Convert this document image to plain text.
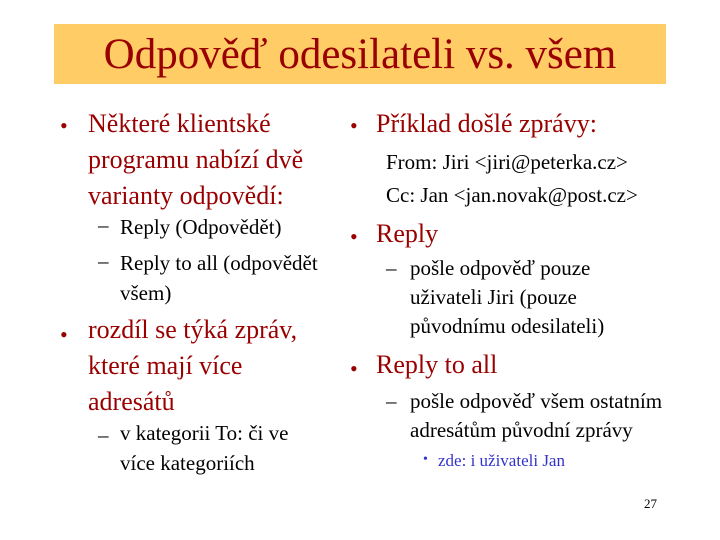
Odpověď odesilateli vs. všem
• Některé klientské
programu nabízí dvě
varianty odpovědí:
– Reply (Odpovědět)
– Reply to all (odpovědět
všem)
• rozdíl se týká zpráv,
které mají více
adresátů
– v kategorii To: či ve
více kategoriích
• Příklad došlé zprávy:
From: Jiri <jiri@peterka.cz>
Cc: Jan <jan.novak@post.cz>
• Reply
– pošle odpověď pouze
uživateli Jiri (pouze
původnímu odesilateli)
• Reply to all
– pošle odpověď všem ostatním
adresátům původní zprávy
• zde: i uživateli Jan
27
